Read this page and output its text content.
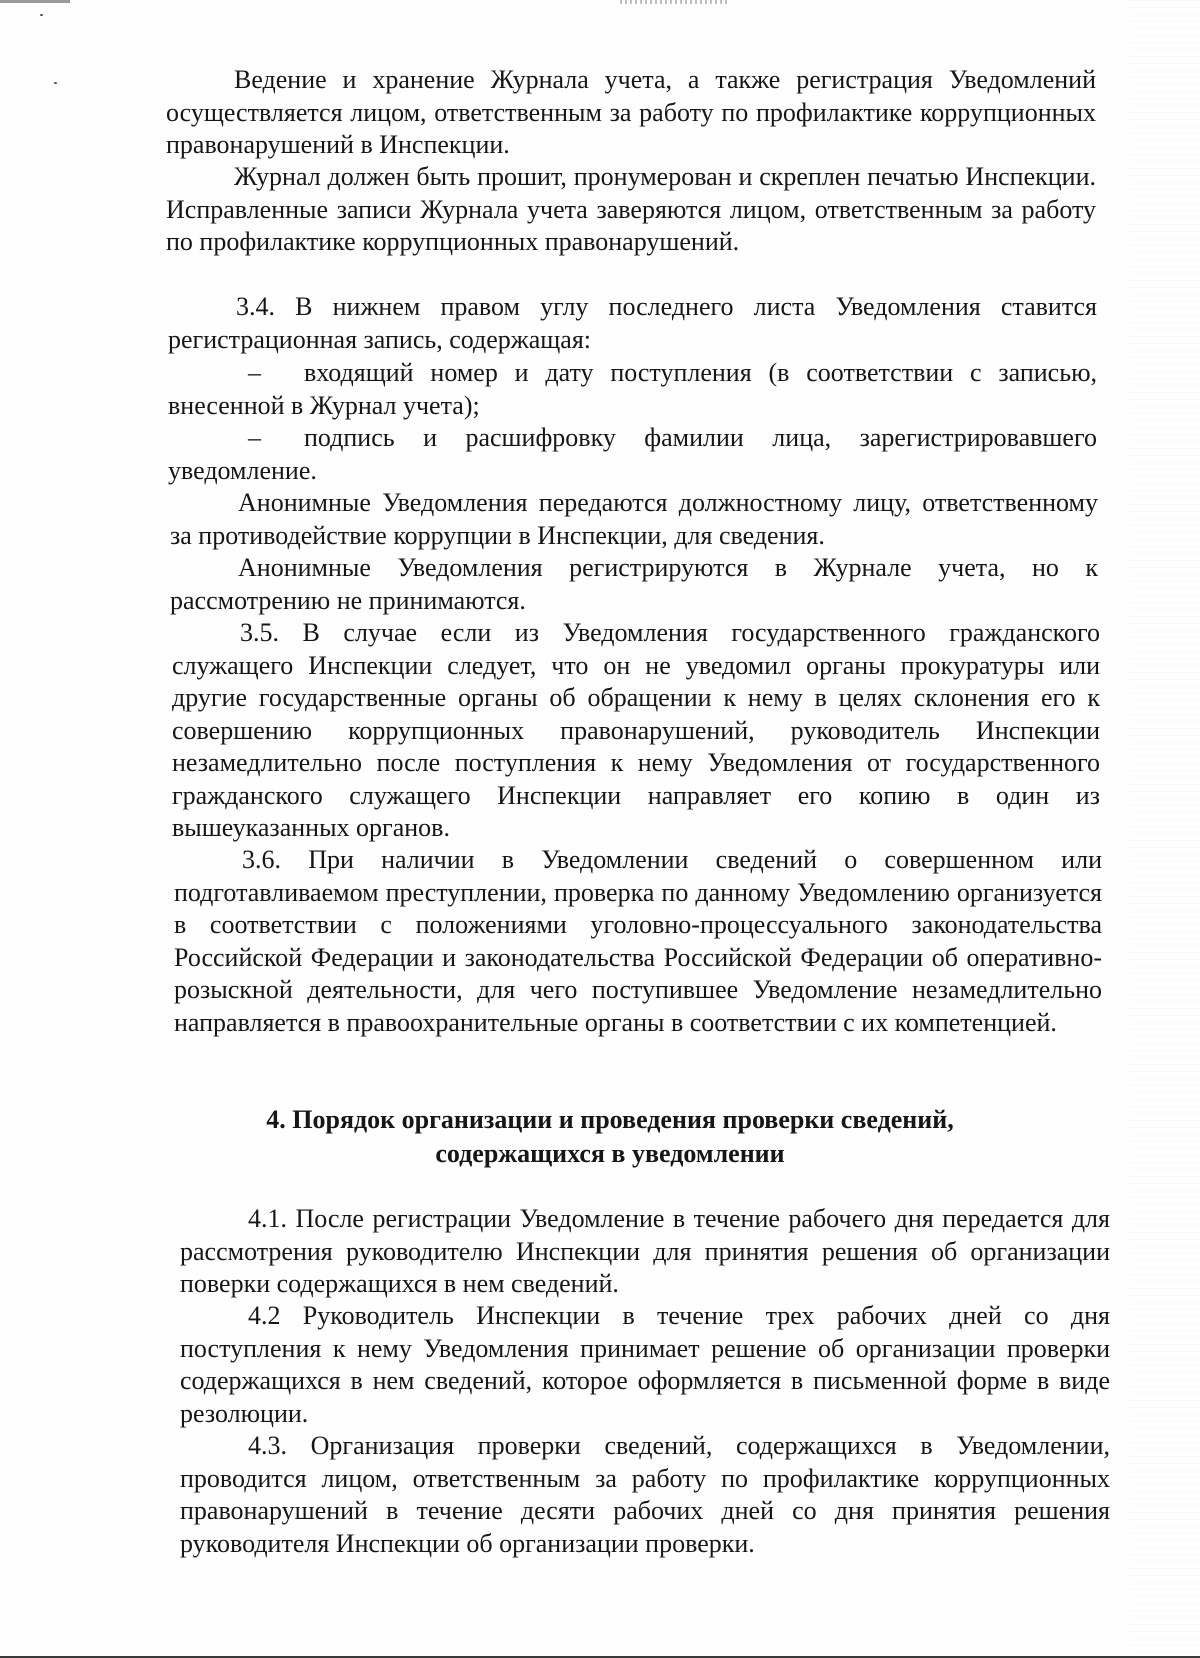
Ведение и хранение Журнала учета, а также регистрация Уведомлений осуществляется лицом, ответственным за работу по профилактике коррупционных правонарушений в Инспекции.
Журнал должен быть прошит, пронумерован и скреплен печатью Инспекции. Исправленные записи Журнала учета заверяются лицом, ответственным за работу по профилактике коррупционных правонарушений.
3.4. В нижнем правом углу последнего листа Уведомления ставится регистрационная запись, содержащая:
– входящий номер и дату поступления (в соответствии с записью, внесенной в Журнал учета);
– подпись и расшифровку фамилии лица, зарегистрировавшего уведомление.
Анонимные Уведомления передаются должностному лицу, ответственному за противодействие коррупции в Инспекции, для сведения.
Анонимные Уведомления регистрируются в Журнале учета, но к рассмотрению не принимаются.
3.5. В случае если из Уведомления государственного гражданского служащего Инспекции следует, что он не уведомил органы прокуратуры или другие государственные органы об обращении к нему в целях склонения его к совершению коррупционных правонарушений, руководитель Инспекции незамедлительно после поступления к нему Уведомления от государственного гражданского служащего Инспекции направляет его копию в один из вышеуказанных органов.
3.6. При наличии в Уведомлении сведений о совершенном или подготавливаемом преступлении, проверка по данному Уведомлению организуется в соответствии с положениями уголовно-процессуального законодательства Российской Федерации и законодательства Российской Федерации об оперативно-розыскной деятельности, для чего поступившее Уведомление незамедлительно направляется в правоохранительные органы в соответствии с их компетенцией.
4. Порядок организации и проведения проверки сведений,
содержащихся в уведомлении
4.1. После регистрации Уведомление в течение рабочего дня передается для рассмотрения руководителю Инспекции для принятия решения об организации поверки содержащихся в нем сведений.
4.2 Руководитель Инспекции в течение трех рабочих дней со дня поступления к нему Уведомления принимает решение об организации проверки содержащихся в нем сведений, которое оформляется в письменной форме в виде резолюции.
4.3. Организация проверки сведений, содержащихся в Уведомлении, проводится лицом, ответственным за работу по профилактике коррупционных правонарушений в течение десяти рабочих дней со дня принятия решения руководителя Инспекции об организации проверки.
